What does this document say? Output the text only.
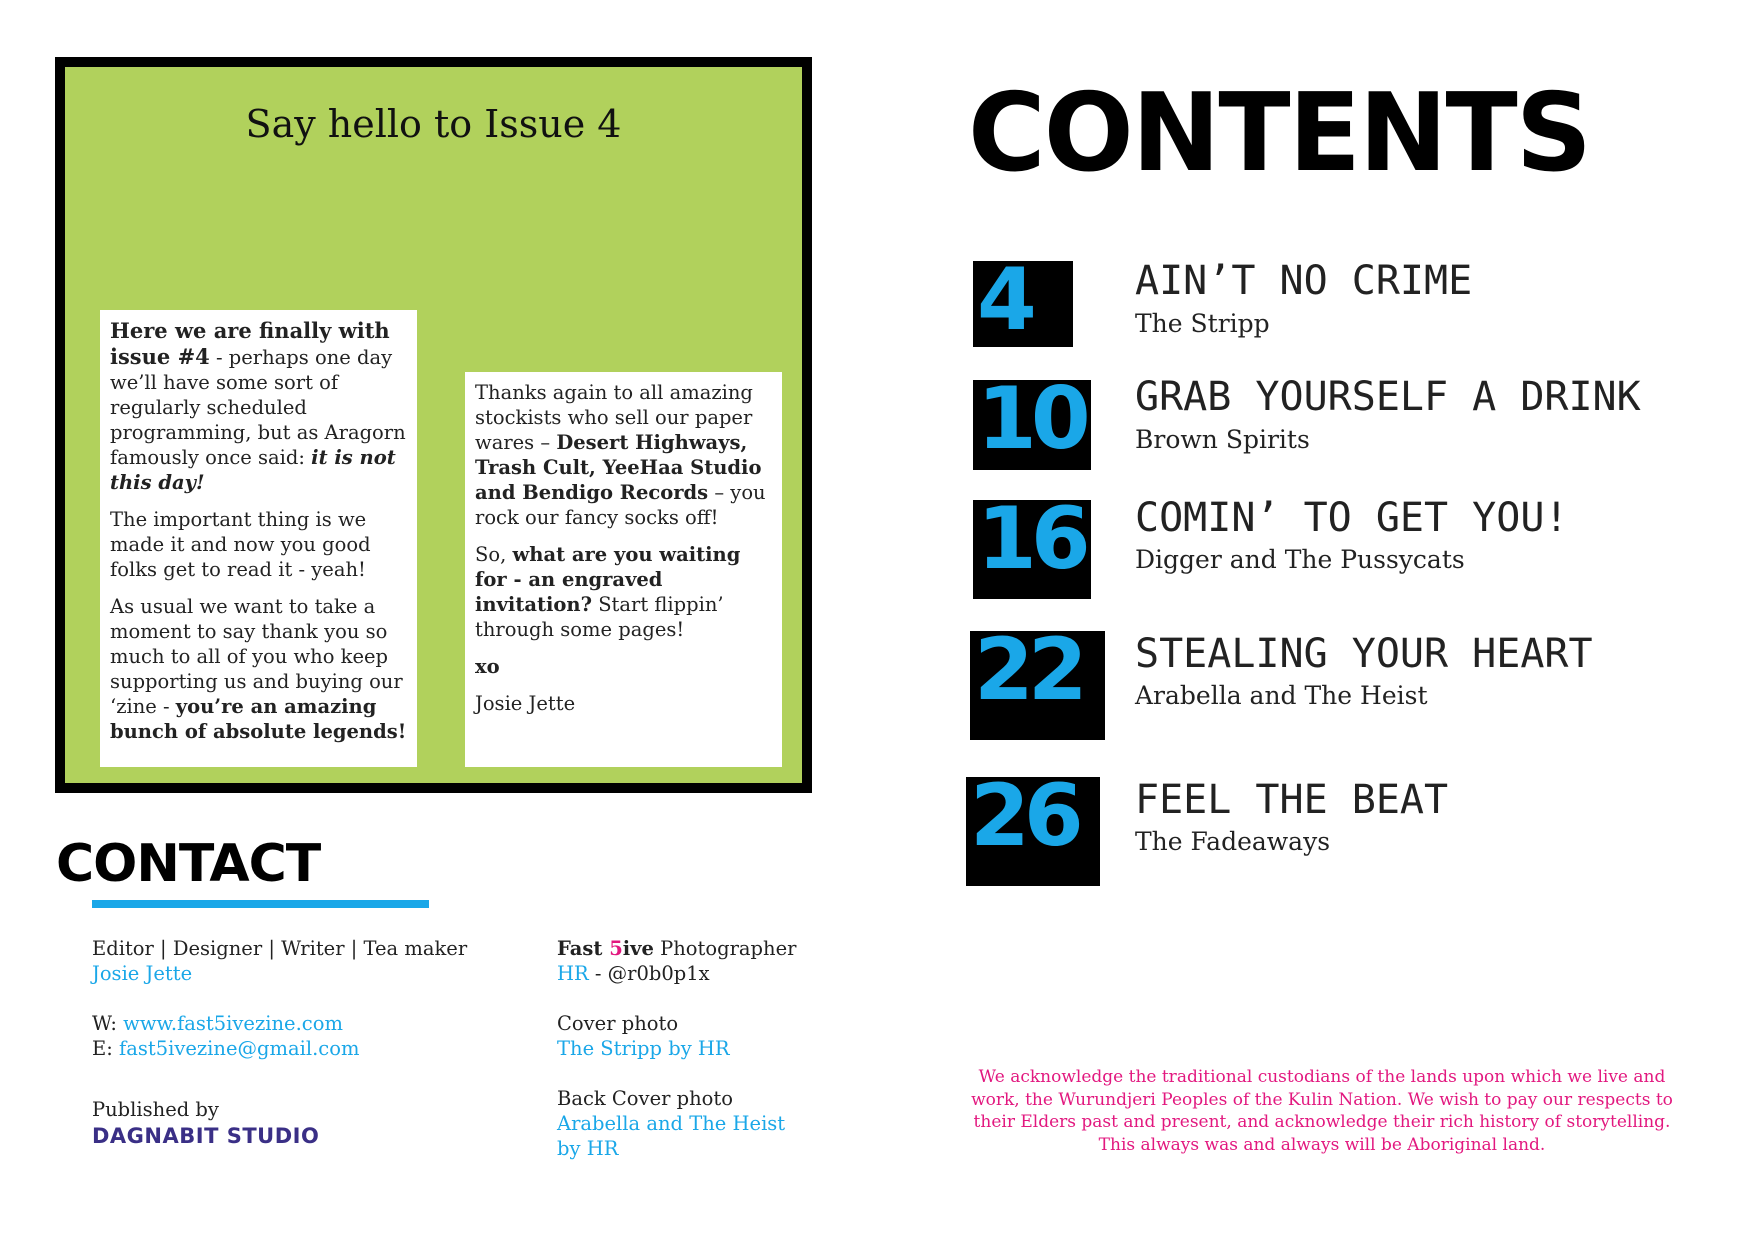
Say hello to Issue 4

Here we are finally with issue #4 - perhaps one day we’ll have some sort of regularly scheduled programming, but as Aragorn famously once said: it is not this day!

The important thing is we made it and now you good folks get to read it - yeah!

As usual we want to take a moment to say thank you so much to all of you who keep supporting us and buying our ‘zine - you’re an amazing bunch of absolute legends!

Thanks again to all amazing stockists who sell our paper wares – Desert Highways, Trash Cult, YeeHaa Studio and Bendigo Records – you rock our fancy socks off!

So, what are you waiting for - an engraved invitation? Start flippin’ through some pages!

xo

Josie Jette

CONTENTS
4	AIN’T NO CRIME
The Stripp
10 GRAB YOURSELF A DRINK
Brown Spirits
16 COMIN’ TO GET YOU!
Digger and The Pussycats
22 STEALING YOUR HEART
Arabella and The Heist
26 FEEL THE BEAT
The Fadeaways
CONTACT
Editor | Designer | Writer | Tea maker
Josie Jette
W: www.fast5ivezine.com
E: fast5ivezine@gmail.com
Published by
DAGNABIT STUDIO
Fast 5ive Photographer
HR - @r0b0p1x
Cover photo
The Stripp by HR
Back Cover photo
Arabella and The Heist
by HR
We acknowledge the traditional custodians of the lands upon which we live and work, the Wurundjeri Peoples of the Kulin Nation. We wish to pay our respects to their Elders past and present, and acknowledge their rich history of storytelling. This always was and always will be Aboriginal land.
